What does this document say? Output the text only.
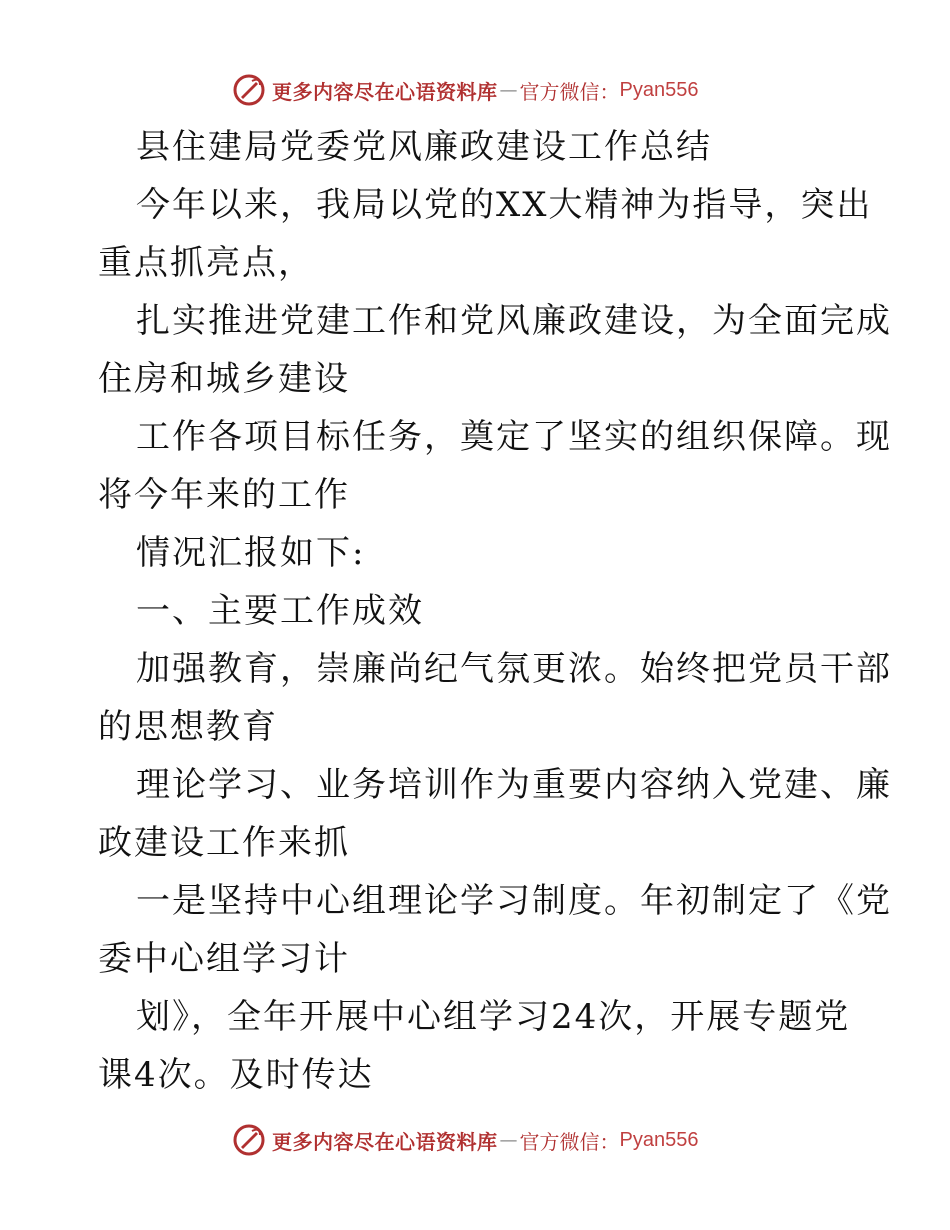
更多内容尽在心语资料库 — 官方微信： Pyan556
县住建局党委党风廉政建设工作总结
今年以来，我局以党的XX大精神为指导，突出
重点抓亮点，
扎实推进党建工作和党风廉政建设，为全面完成
住房和城乡建设
工作各项目标任务，奠定了坚实的组织保障。现
将今年来的工作
情况汇报如下:
一、主要工作成效
加强教育，崇廉尚纪气氛更浓。始终把党员干部
的思想教育
理论学习、业务培训作为重要内容纳入党建、廉
政建设工作来抓
一是坚持中心组理论学习制度。年初制定了《党
委中心组学习计
划》，全年开展中心组学习24次，开展专题党
课4次。及时传达
更多内容尽在心语资料库 — 官方微信： Pyan556
